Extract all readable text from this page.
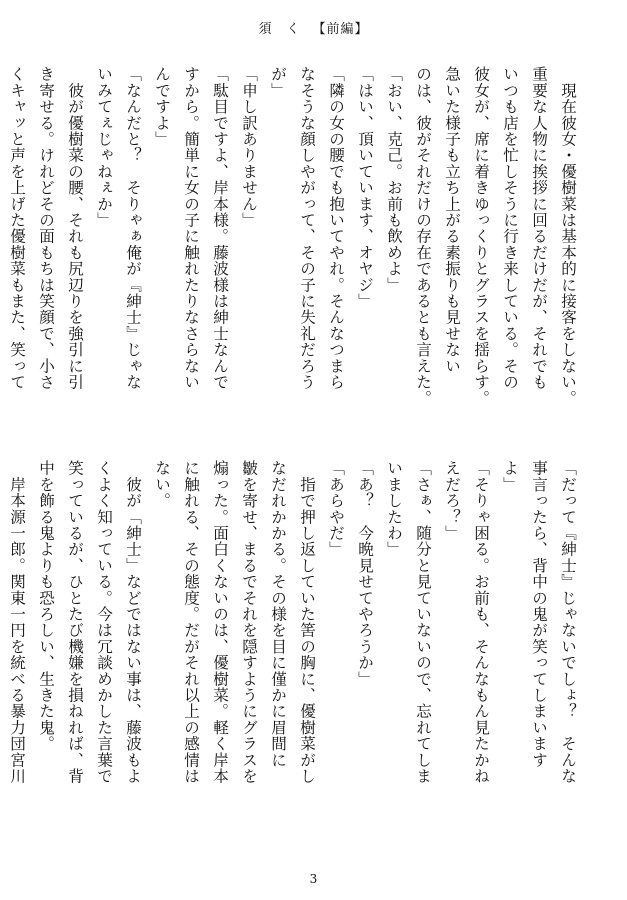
須　く 【前編】
　現在彼女・優樹菜は基本的に接客をしない。
重要な人物に挨拶に回るだけだが、それでも
いつも店を忙しそうに行き来している。その
彼女が、席に着きゆっくりとグラスを揺らす。
急いた様子も立ち上がる素振りも見せない
のは、彼がそれだけの存在であるとも言えた。
「おい、克己。お前も飲めよ」
「はい、頂いています、オヤジ」
「隣の女の腰でも抱いてやれ。そんなつまら
なそうな顔しやがって、その子に失礼だろう
が」
「申し訳ありません」
「駄目ですよ、岸本様。藤波様は紳士なんで
すから。簡単に女の子に触れたりなさらない
んですよ」
「なんだと？　そりゃぁ俺が『紳士』じゃな
いみてぇじゃねぇか」
　彼が優樹菜の腰、それも尻辺りを強引に引
き寄せる。けれどその面もちは笑顔で、小さ
くキャッと声を上げた優樹菜もまた、笑って
「だって『紳士』じゃないでしょ？　そんな
事言ったら、背中の鬼が笑ってしまいます
よ」
「そりゃ困る。お前も、そんなもん見たかね
えだろ？」
「さぁ、随分と見ていないので、忘れてしま
いましたわ」
「あ？　今晩見せてやろうか」
「あらやだ」
　指で押し返していた筈の胸に、優樹菜がし
なだれかかる。その様を目に僅かに眉間に
皺を寄せ、まるでそれを隠すようにグラスを
煽った。面白くないのは、優樹菜。軽く岸本
に触れる、その態度。だがそれ以上の感情は
ない。
　彼が「紳士」などではない事は、藤波もよ
くよく知っている。今は冗談めかした言葉で
笑っているが、ひとたび機嫌を損ねれば、背
中を飾る鬼よりも恐ろしい、生きた鬼。
　岸本源一郎。関東一円を統べる暴力団宮川
3
